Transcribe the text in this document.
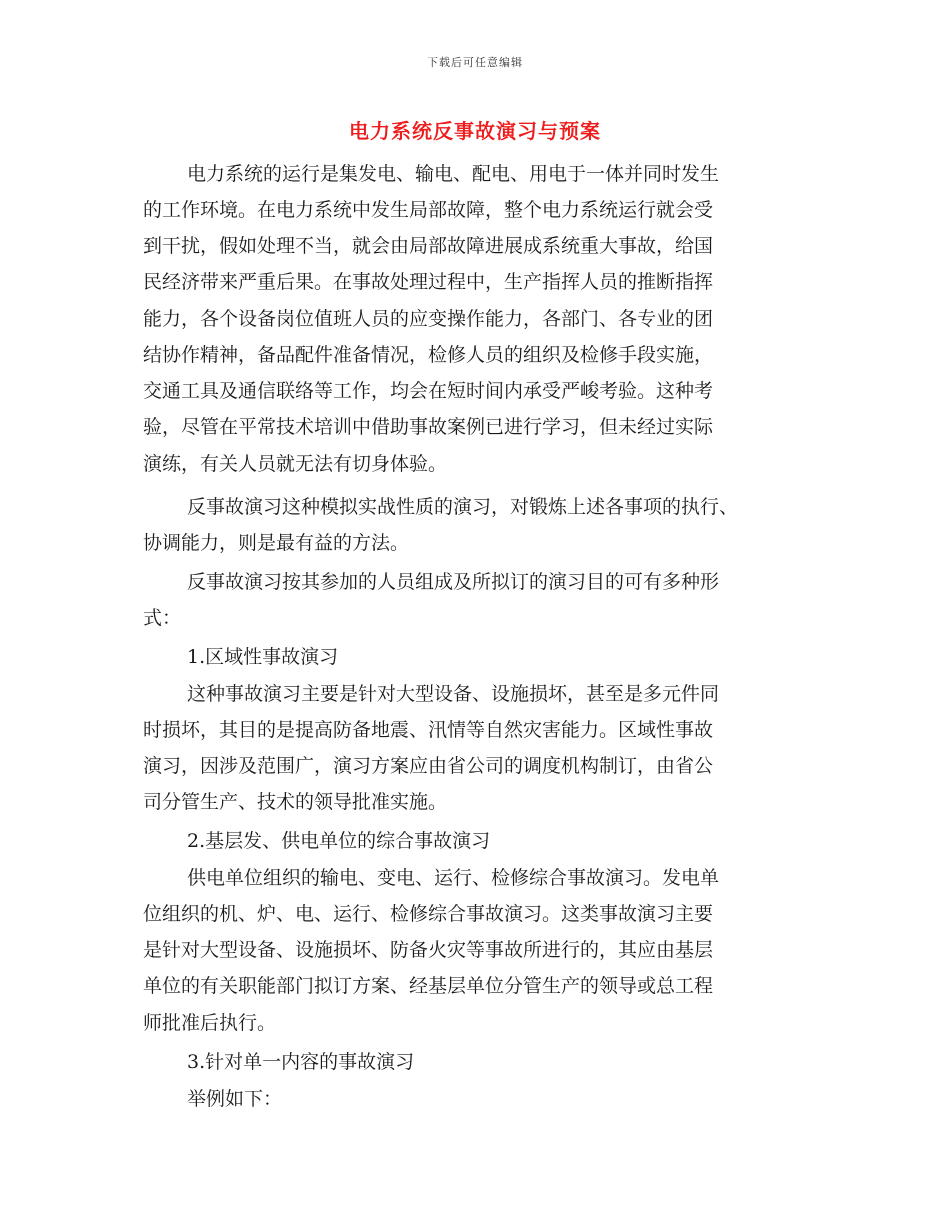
下载后可任意编辑
电力系统反事故演习与预案
电力系统的运行是集发电、输电、配电、用电于一体并同时发生
的工作环境。在电力系统中发生局部故障，整个电力系统运行就会受
到干扰，假如处理不当，就会由局部故障进展成系统重大事故，给国
民经济带来严重后果。在事故处理过程中，生产指挥人员的推断指挥
能力，各个设备岗位值班人员的应变操作能力，各部门、各专业的团
结协作精神，备品配件准备情况，检修人员的组织及检修手段实施，
交通工具及通信联络等工作，均会在短时间内承受严峻考验。这种考
验，尽管在平常技术培训中借助事故案例已进行学习，但未经过实际
演练，有关人员就无法有切身体验。
反事故演习这种模拟实战性质的演习，对锻炼上述各事项的执行、
协调能力，则是最有益的方法。
反事故演习按其参加的人员组成及所拟订的演习目的可有多种形
式：
1.区域性事故演习
这种事故演习主要是针对大型设备、设施损坏，甚至是多元件同
时损坏，其目的是提高防备地震、汛情等自然灾害能力。区域性事故
演习，因涉及范围广，演习方案应由省公司的调度机构制订，由省公
司分管生产、技术的领导批准实施。
2.基层发、供电单位的综合事故演习
供电单位组织的输电、变电、运行、检修综合事故演习。发电单
位组织的机、炉、电、运行、检修综合事故演习。这类事故演习主要
是针对大型设备、设施损坏、防备火灾等事故所进行的，其应由基层
单位的有关职能部门拟订方案、经基层单位分管生产的领导或总工程
师批准后执行。
3.针对单一内容的事故演习
举例如下：
